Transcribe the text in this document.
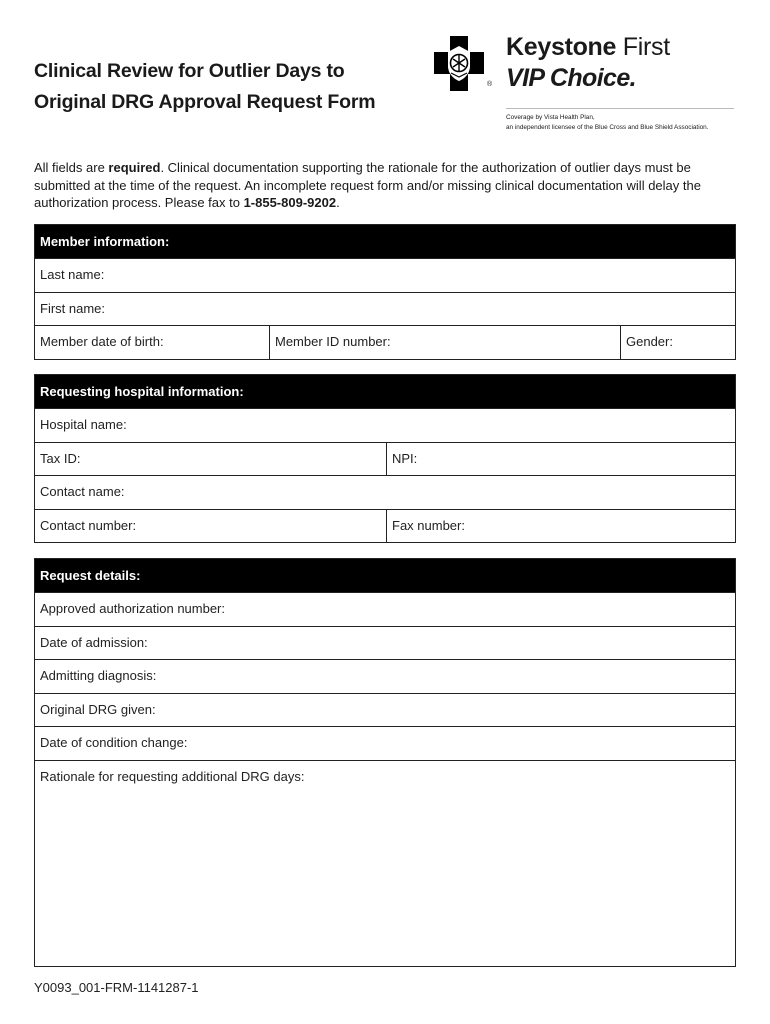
Clinical Review for Outlier Days to
Original DRG Approval Request Form
®
Keystone First
VIP Choice.
Coverage by Vista Health Plan,
an independent licensee of the Blue Cross and Blue Shield Association.
All fields are required. Clinical documentation supporting the rationale for the authorization of outlier days must be submitted at the time of the request. An incomplete request form and/or missing clinical documentation will delay the authorization process. Please fax to 1-855-809-9202.
Member information:
Last name:
First name:
Member date of birth:	Member ID number:	Gender:
Requesting hospital information:
Hospital name:
Tax ID:	NPI:
Contact name:
Contact number:	Fax number:
Request details:
Approved authorization number:
Date of admission:
Admitting diagnosis:
Original DRG given:
Date of condition change:
Rationale for requesting additional DRG days:
Y0093_001-FRM-1141287-1
